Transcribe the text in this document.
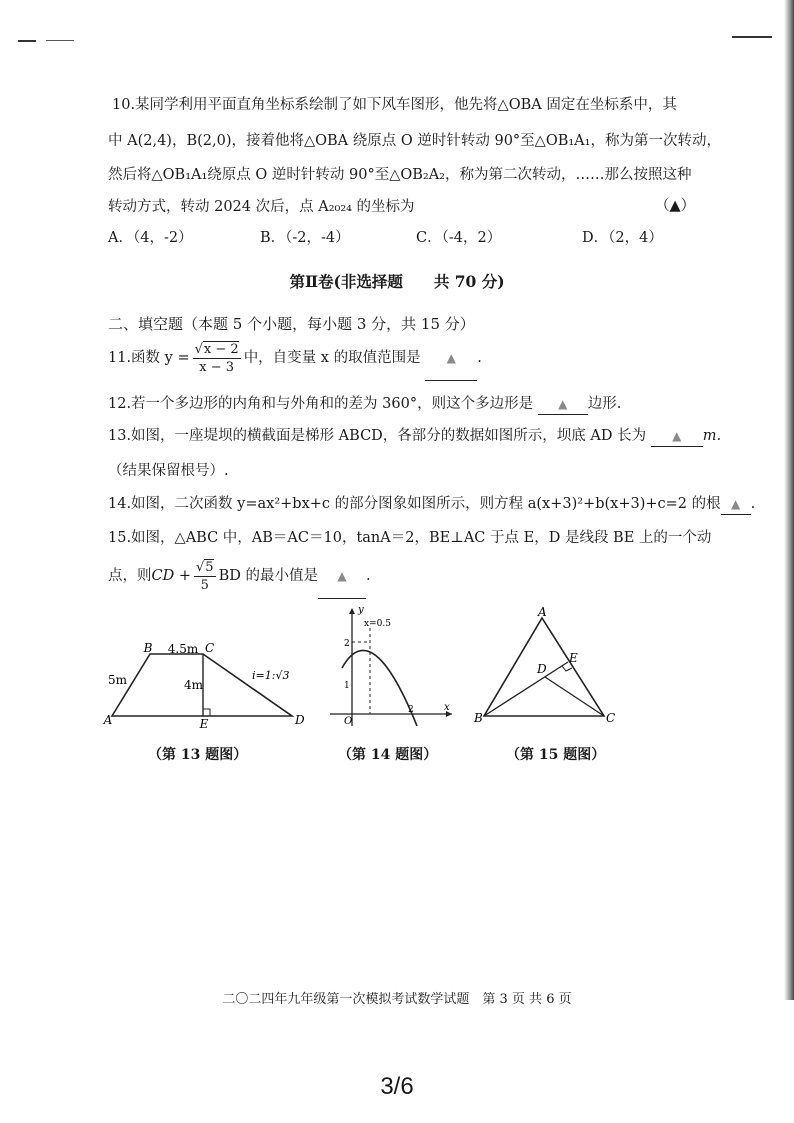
10.某同学利用平面直角坐标系绘制了如下风车图形，他先将△OBA 固定在坐标系中，其
中 A(2,4)，B(2,0)，接着他将△OBA 绕原点 O 逆时针转动 90°至△OB₁A₁，称为第一次转动，
然后将△OB₁A₁绕原点 O 逆时针转动 90°至△OB₂A₂，称为第二次转动，……那么按照这种
转动方式，转动 2024 次后，点 A₂₀₂₄ 的坐标为	（▲）
A．（4，-2）	B．（-2，-4）	C．（-4，2）	D．（2，4）
第Ⅱ卷(非选择题　　共 70 分)
二、填空题（本题 5 个小题，每小题 3 分，共 15 分）
11.函数 $y = \frac{√x - 2}{x - 3}$ 中，自变量 x 的取值范围是 ▲ .
12.若一个多边形的内角和与外角和的差为 360°，则这个多边形是 ▲ 边形.
13.如图，一座堤坝的横截面是梯形 ABCD，各部分的数据如图所示，坝底 AD 长为 ▲ m.
（结果保留根号）.
14.如图，二次函数 y=ax²+bx+c 的部分图象如图所示，则方程 a(x+3)²+b(x+3)+c=2 的根 ▲ .
15.如图，△ABC 中，AB＝AC＝10，tanA＝2，BE⊥AC 于点 E，D 是线段 BE 上的一个动
点，则CD + $\frac{√5}{5}$ BD 的最小值是 ▲ .
B	C
A	E	D
4.5m
5m	4m
i=1:√3
y
x
O
2
1
2
x=0.5
A
B	C
D
E
（第 13 题图）	（第 14 题图）	（第 15 题图）
二〇二四年九年级第一次模拟考试数学试题　第 3 页 共 6 页
3/6
